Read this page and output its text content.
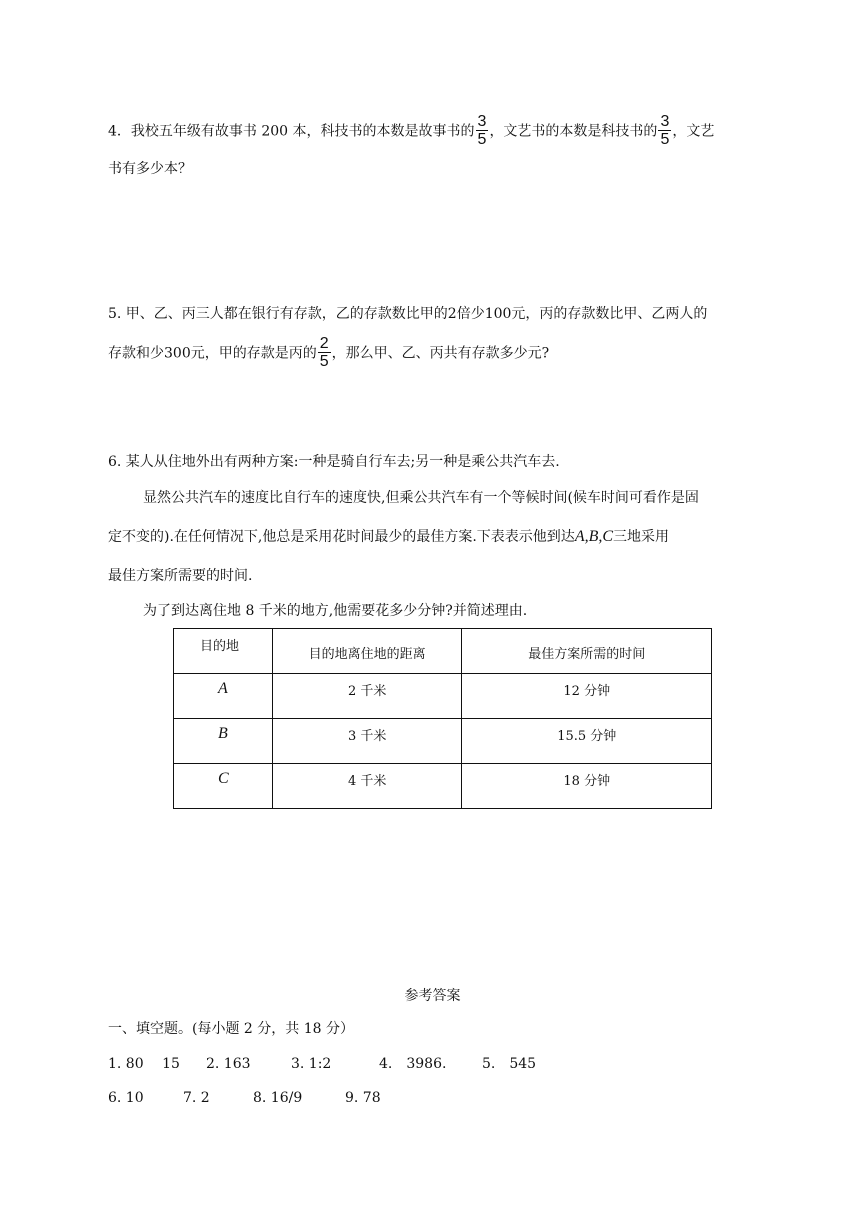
4．我校五年级有故事书 200 本，科技书的本数是故事书的 $\frac{3}{5}$ ，文艺书的本数是科技书的 $\frac{3}{5}$ ，文艺
书有多少本？
5. 甲、乙、丙三人都在银行有存款，乙的存款数比甲的2倍少100元，丙的存款数比甲、乙两人的
存款和少300元，甲的存款是丙的 $\frac{2}{5}$ ，那么甲、乙、丙共有存款多少元?
6. 某人从住地外出有两种方案:一种是骑自行车去;另一种是乘公共汽车去.
显然公共汽车的速度比自行车的速度快,但乘公共汽车有一个等候时间(候车时间可看作是固
定不变的).在任何情况下,他总是采用花时间最少的最佳方案.下表表示他到达A,B,C三地采用
最佳方案所需要的时间.
为了到达离住地 8 千米的地方,他需要花多少分钟?并简述理由.
目的地	目的地离住地的距离	最佳方案所需的时间

A	2 千米	12 分钟

B	3 千米	15.5 分钟

C	4 千米	18 分钟
参考答案
一、填空题。(每小题 2 分，共 18 分）
1. 80　 15 2. 163	3. 1:2	4.　3986.	5.　545
6. 10	7. 2	8. 16/9	9. 78
